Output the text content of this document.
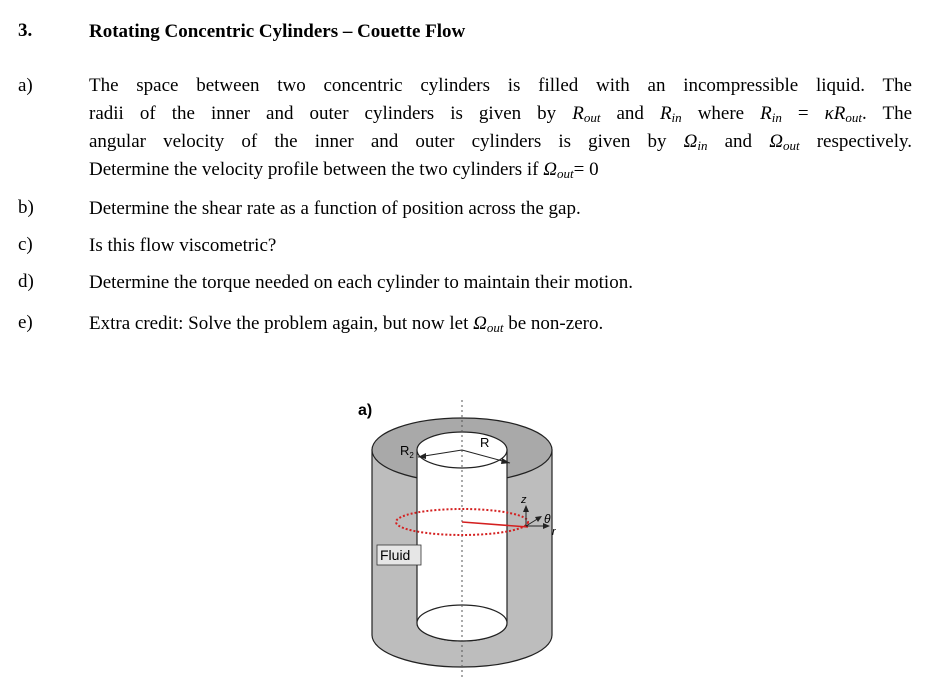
3.	Rotating Concentric Cylinders – Couette Flow
a)	The space between two concentric cylinders is filled with an incompressible liquid. The
radii of the inner and outer cylinders is given by $R_{out}$ and $R_{in}$ where $R_{in} = \kappa R_{out}$. The
angular velocity of the inner and outer cylinders is given by $\Omega_{in}$ and $\Omega_{out}$ respectively.
Determine the velocity profile between the two cylinders if $\Omega_{out}= 0$
b)	Determine the shear rate as a function of position across the gap.
c)	Is this flow viscometric?
d)	Determine the torque needed on each cylinder to maintain their motion.
e)	Extra credit: Solve the problem again, but now let $\Omega_{out}$ be non-zero.
$R_2$
R
z
θ
r
Fluid
a)
